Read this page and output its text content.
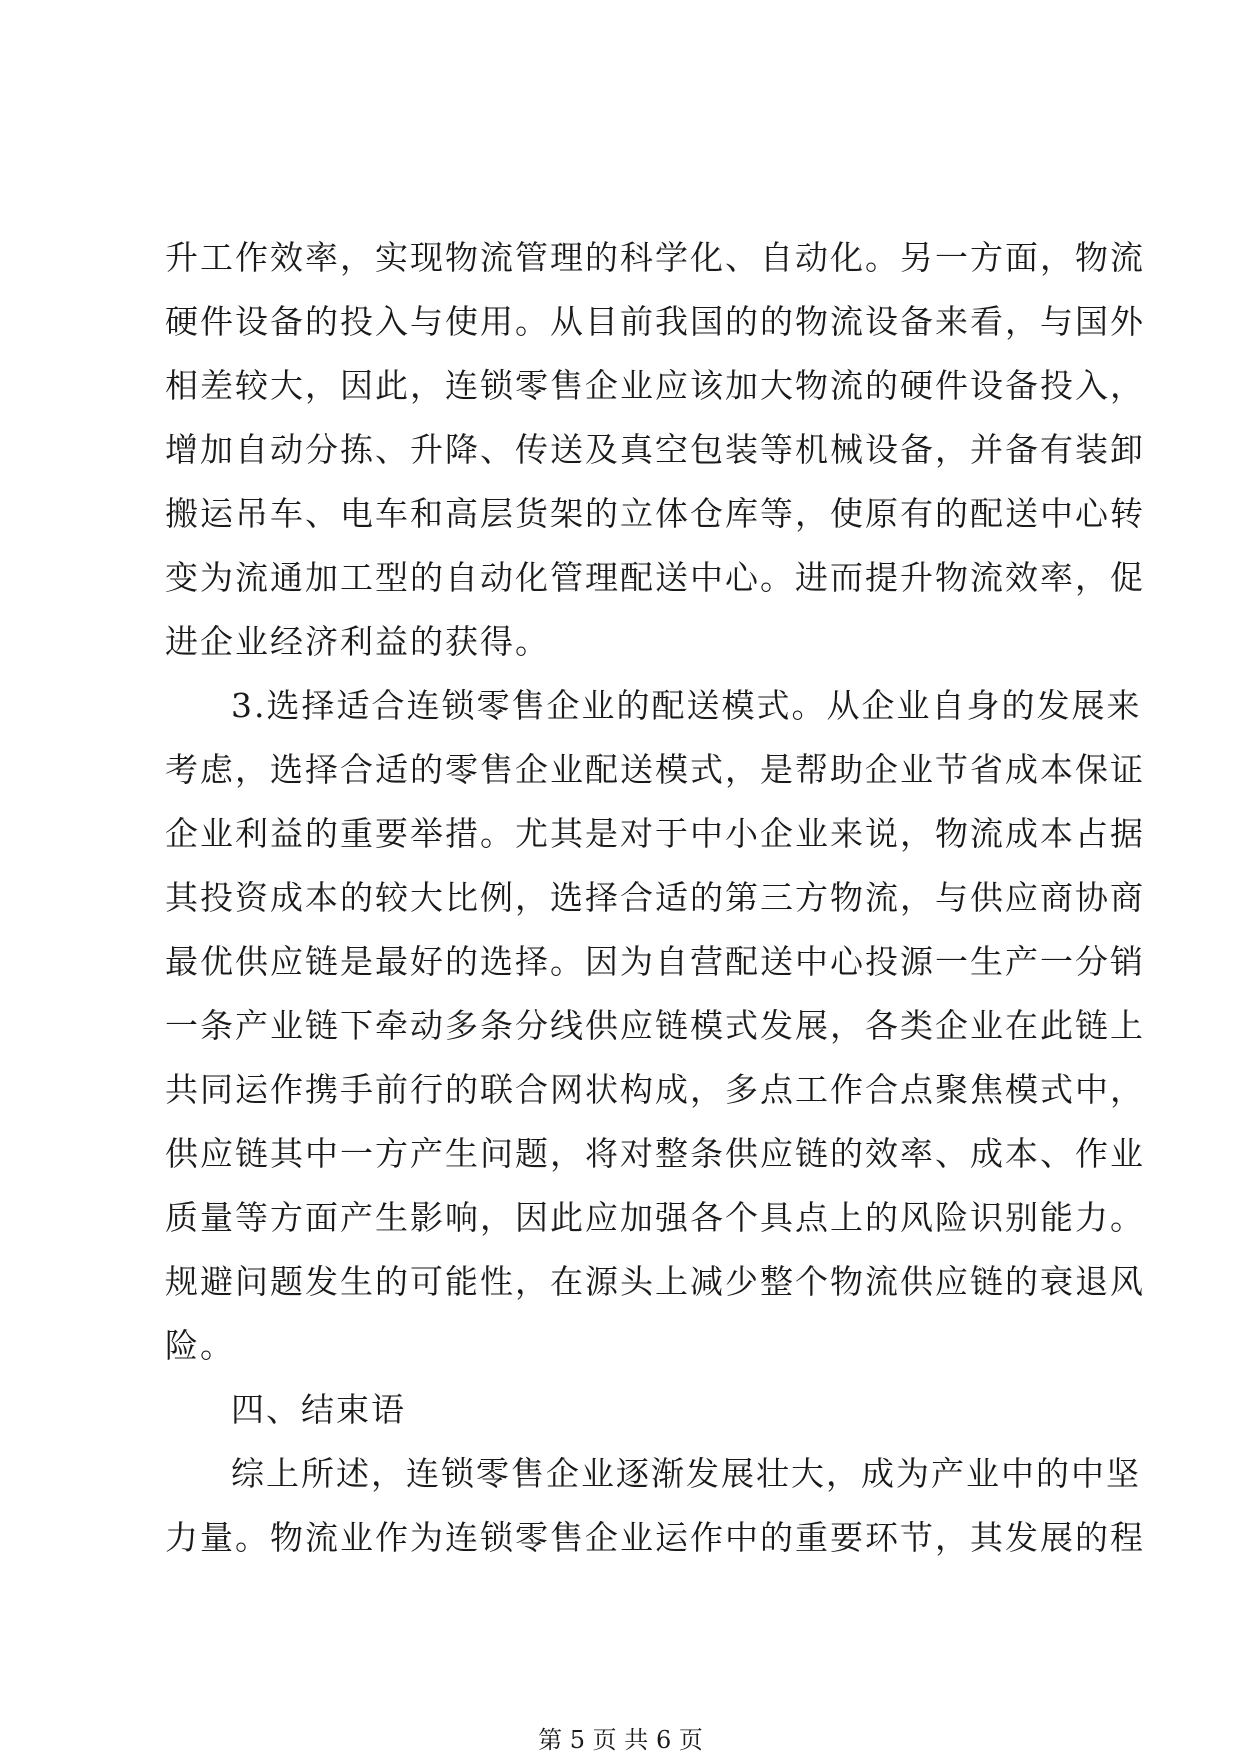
升工作效率，实现物流管理的科学化、自动化。另一方面，物流
硬件设备的投入与使用。从目前我国的的物流设备来看，与国外
相差较大，因此，连锁零售企业应该加大物流的硬件设备投入，
增加自动分拣、升降、传送及真空包装等机械设备，并备有装卸
搬运吊车、电车和高层货架的立体仓库等，使原有的配送中心转
变为流通加工型的自动化管理配送中心。进而提升物流效率，促
进企业经济利益的获得。
3.选择适合连锁零售企业的配送模式。从企业自身的发展来
考虑，选择合适的零售企业配送模式，是帮助企业节省成本保证
企业利益的重要举措。尤其是对于中小企业来说，物流成本占据
其投资成本的较大比例，选择合适的第三方物流，与供应商协商
最优供应链是最好的选择。因为自营配送中心投源一生产一分销
一条产业链下牵动多条分线供应链模式发展，各类企业在此链上
共同运作携手前行的联合网状构成，多点工作合点聚焦模式中，
供应链其中一方产生问题，将对整条供应链的效率、成本、作业
质量等方面产生影响，因此应加强各个具点上的风险识别能力。
规避问题发生的可能性，在源头上减少整个物流供应链的衰退风
险。
四、结束语
综上所述，连锁零售企业逐渐发展壮大，成为产业中的中坚
力量。物流业作为连锁零售企业运作中的重要环节，其发展的程
第 5 页 共 6 页
